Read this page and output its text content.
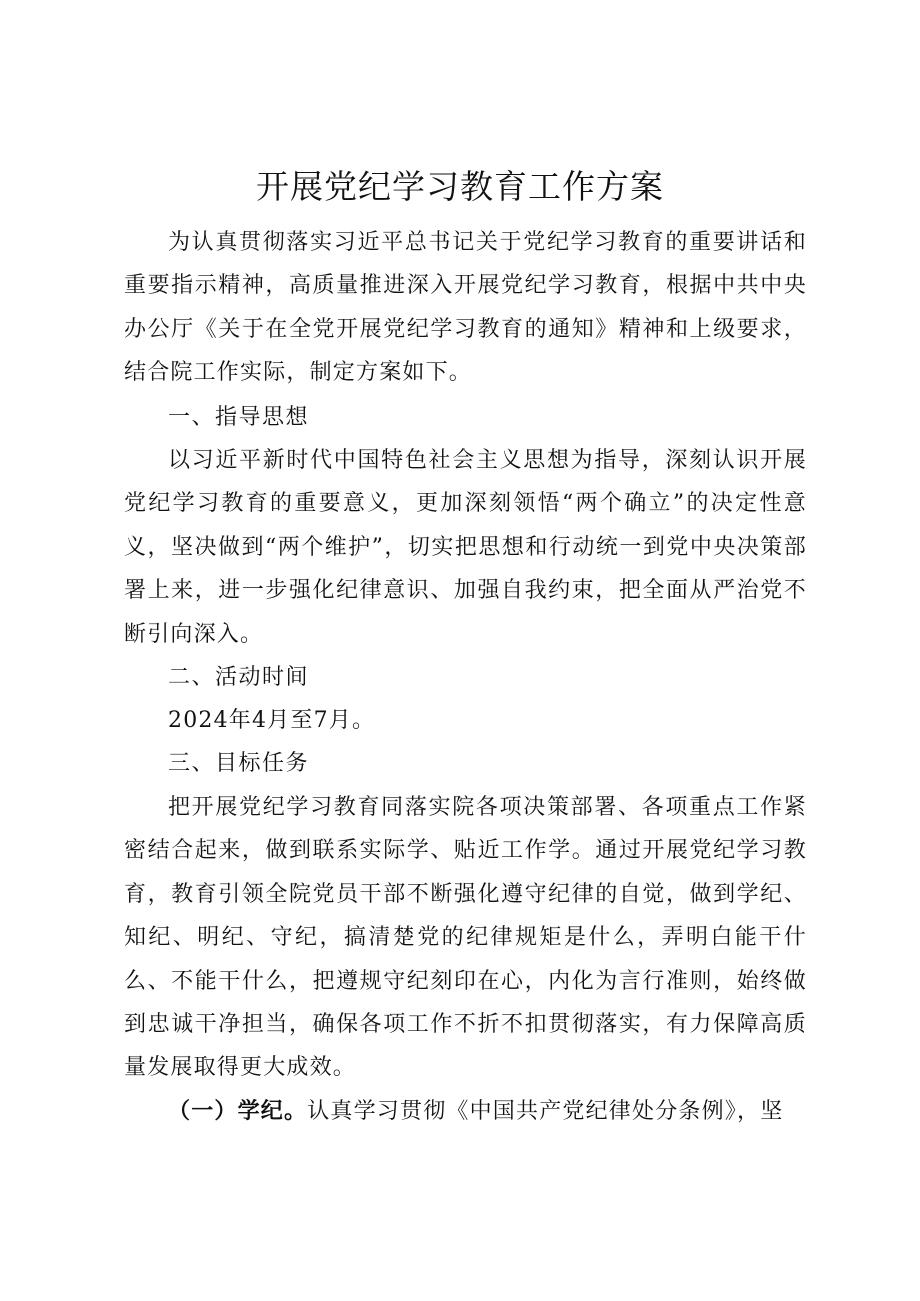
开展党纪学习教育工作方案

为认真贯彻落实习近平总书记关于党纪学习教育的重要讲话和重要指示精神，高质量推进深入开展党纪学习教育，根据中共中央办公厅《关于在全党开展党纪学习教育的通知》精神和上级要求，结合院工作实际，制定方案如下。

一、指导思想

以习近平新时代中国特色社会主义思想为指导，深刻认识开展党纪学习教育的重要意义，更加深刻领悟“两个确立”的决定性意义，坚决做到“两个维护”，切实把思想和行动统一到党中央决策部署上来，进一步强化纪律意识、加强自我约束，把全面从严治党不断引向深入。

二、活动时间

2024年4月至7月。

三、目标任务

把开展党纪学习教育同落实院各项决策部署、各项重点工作紧密结合起来，做到联系实际学、贴近工作学。通过开展党纪学习教育，教育引领全院党员干部不断强化遵守纪律的自觉，做到学纪、知纪、明纪、守纪，搞清楚党的纪律规矩是什么，弄明白能干什么、不能干什么，把遵规守纪刻印在心，内化为言行准则，始终做到忠诚干净担当，确保各项工作不折不扣贯彻落实，有力保障高质量发展取得更大成效。

（一）学纪。认真学习贯彻《中国共产党纪律处分条例》，坚
